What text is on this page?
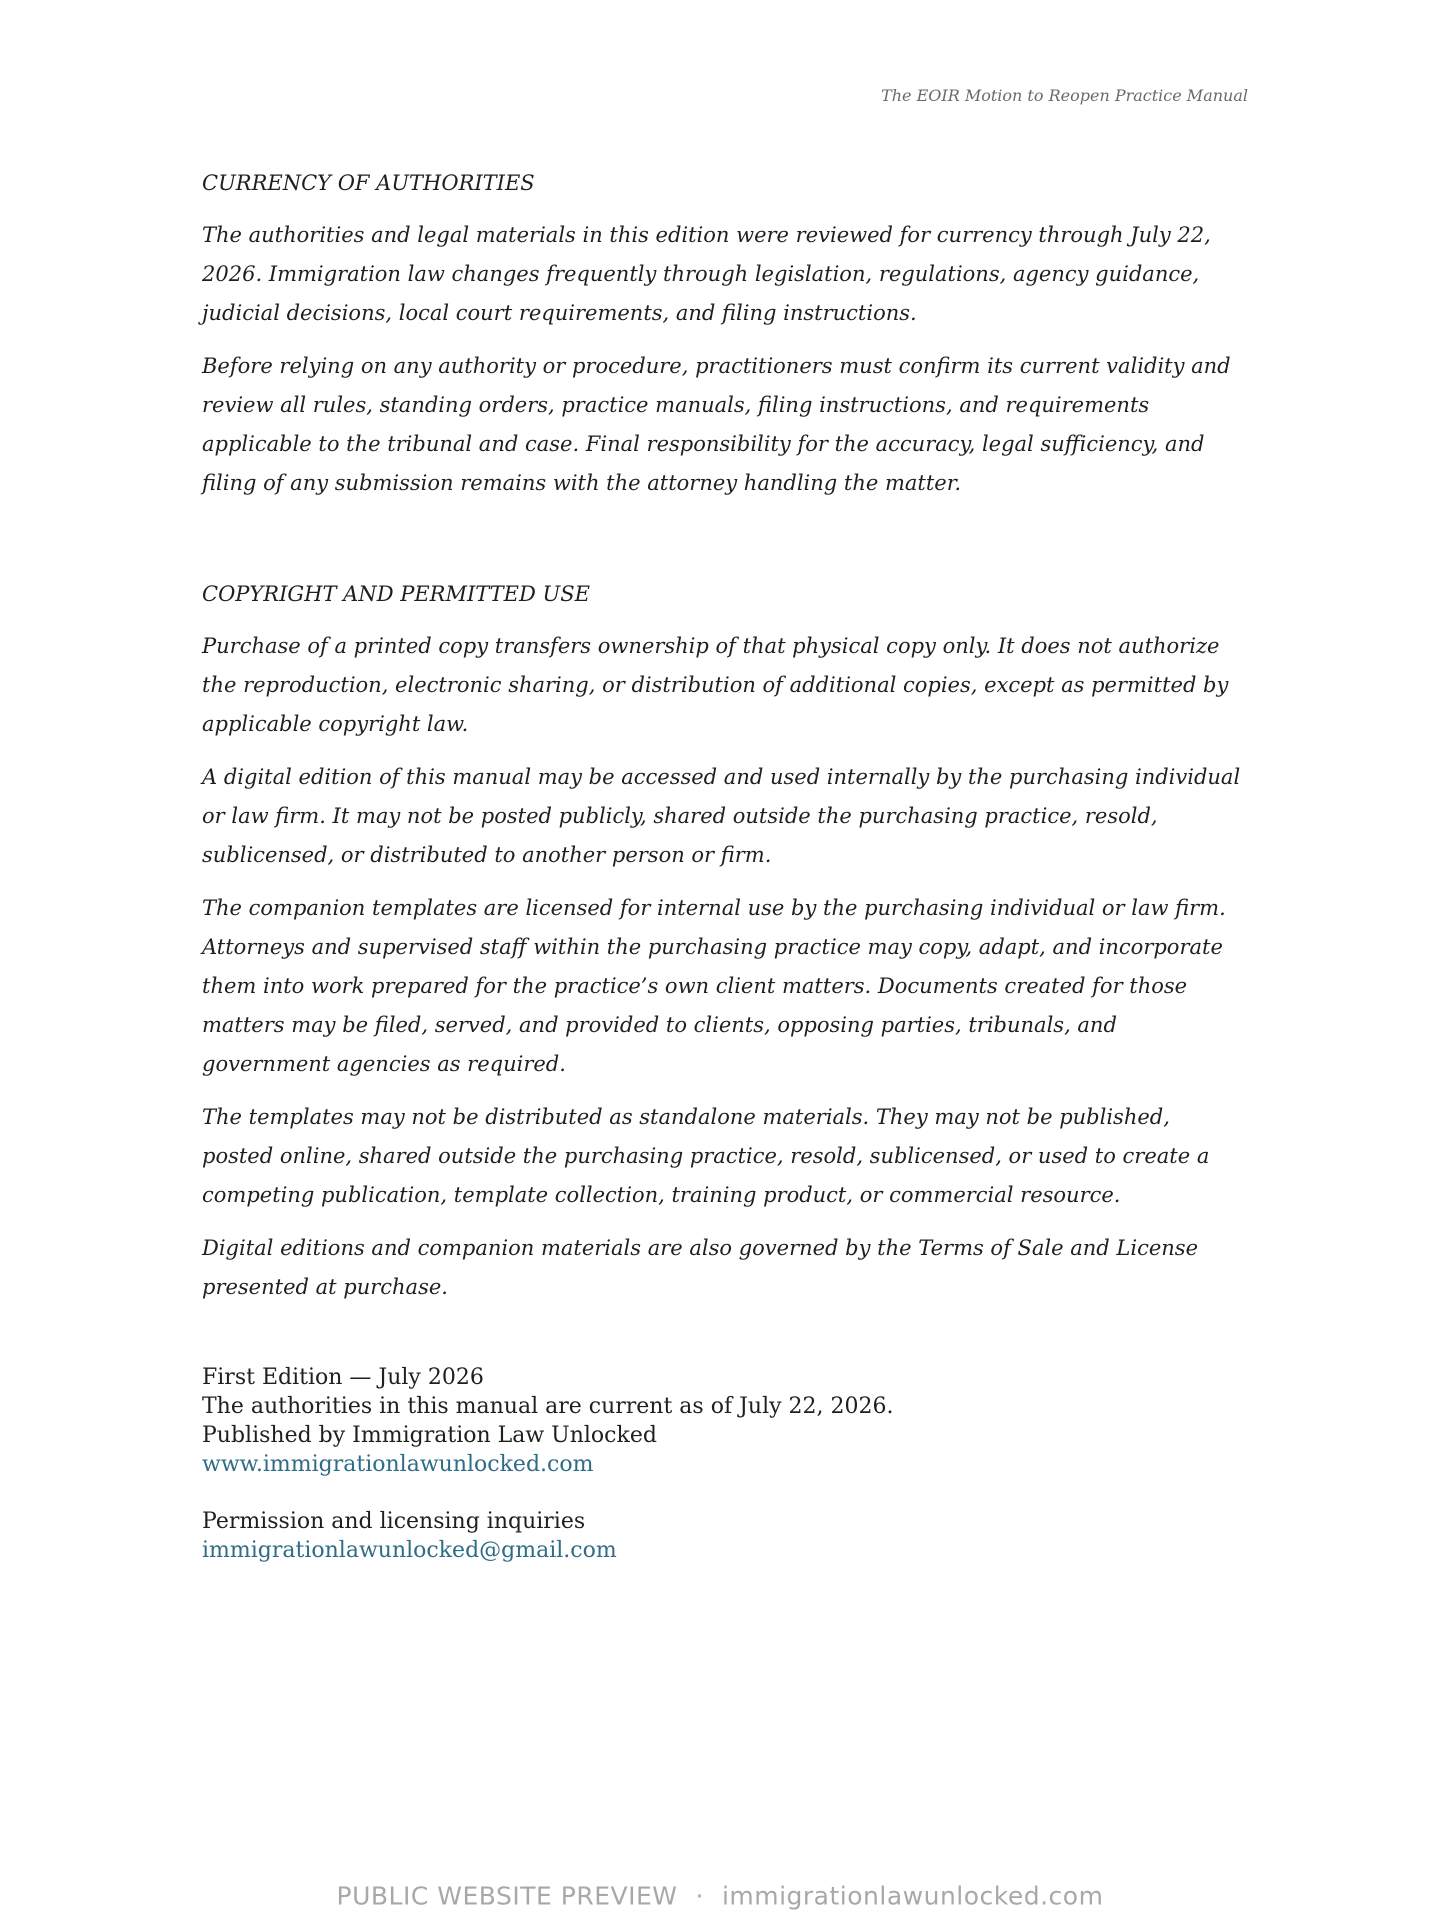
The EOIR Motion to Reopen Practice Manual
CURRENCY OF AUTHORITIES

The authorities and legal materials in this edition were reviewed for currency through July 22, 2026. Immigration law changes frequently through legislation, regulations, agency guidance, judicial decisions, local court requirements, and filing instructions.

Before relying on any authority or procedure, practitioners must confirm its current validity and review all rules, standing orders, practice manuals, filing instructions, and requirements applicable to the tribunal and case. Final responsibility for the accuracy, legal sufficiency, and filing of any submission remains with the attorney handling the matter.

COPYRIGHT AND PERMITTED USE

Purchase of a printed copy transfers ownership of that physical copy only. It does not authorize the reproduction, electronic sharing, or distribution of additional copies, except as permitted by applicable copyright law.

A digital edition of this manual may be accessed and used internally by the purchasing individual or law firm. It may not be posted publicly, shared outside the purchasing practice, resold, sublicensed, or distributed to another person or firm.

The companion templates are licensed for internal use by the purchasing individual or law firm. Attorneys and supervised staff within the purchasing practice may copy, adapt, and incorporate them into work prepared for the practice’s own client matters. Documents created for those matters may be filed, served, and provided to clients, opposing parties, tribunals, and government agencies as required.

The templates may not be distributed as standalone materials. They may not be published, posted online, shared outside the purchasing practice, resold, sublicensed, or used to create a competing publication, template collection, training product, or commercial resource.

Digital editions and companion materials are also governed by the Terms of Sale and License presented at purchase.

First Edition — July 2026
The authorities in this manual are current as of July 22, 2026.
Published by Immigration Law Unlocked
www.immigrationlawunlocked.com
Permission and licensing inquiries
immigrationlawunlocked@gmail.com
PUBLIC WEBSITE PREVIEW · immigrationlawunlocked.com
